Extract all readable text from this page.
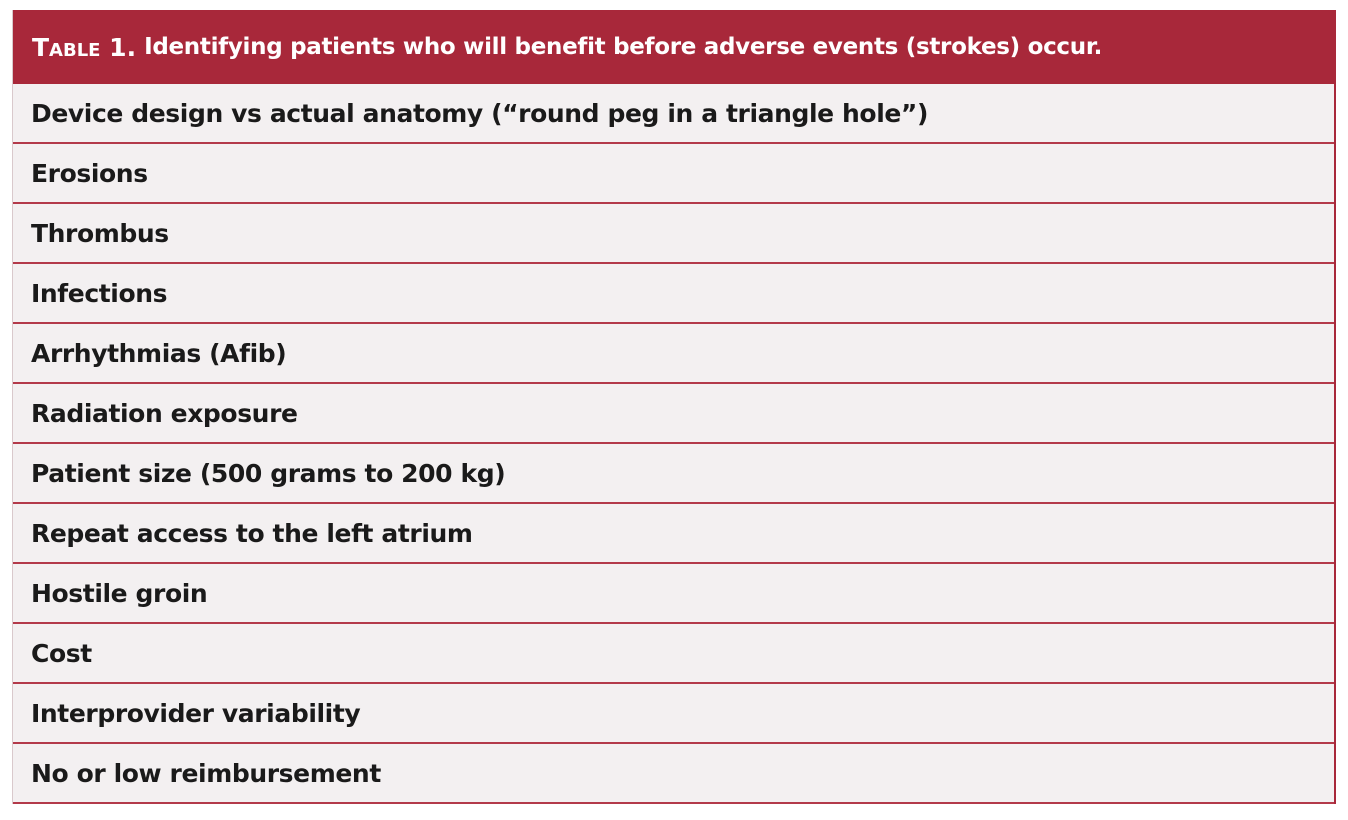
Table 1. Identifying patients who will benefit before adverse events (strokes) occur.
Device design vs actual anatomy (“round peg in a triangle hole”)
Erosions
Thrombus
Infections
Arrhythmias (Afib)
Radiation exposure
Patient size (500 grams to 200 kg)
Repeat access to the left atrium
Hostile groin
Cost
Interprovider variability
No or low reimbursement
